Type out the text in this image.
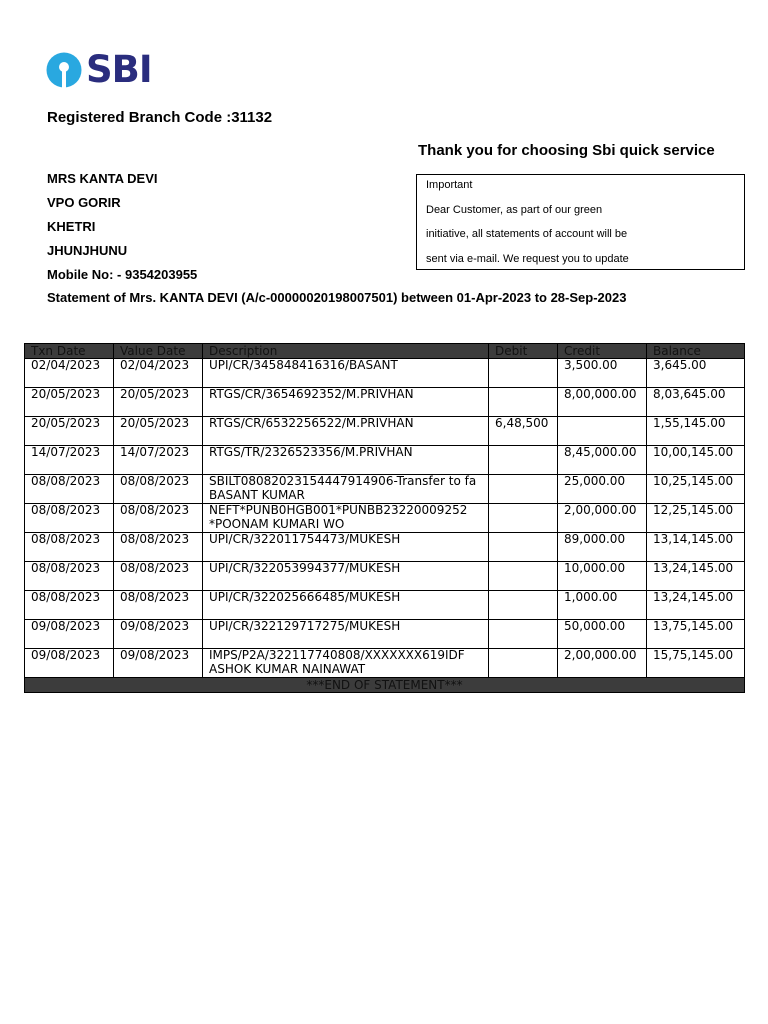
SBI
Registered Branch Code :31132
Thank you for choosing Sbi quick service
MRS KANTA DEVI
VPO GORIR
KHETRI
JHUNJHUNU
Mobile No: - 9354203955
Important
Dear Customer, as part of our green
initiative, all statements of account will be
sent via e-mail. We request you to update
Statement of Mrs. KANTA DEVI (A/c-00000020198007501) between 01-Apr-2023 to 28-Sep-2023
Txn Date	Value Date	Description	Debit	Credit	Balance
02/04/2023	02/04/2023	UPI/CR/345848416316/BASANT		3,500.00	3,645.00
20/05/2023	20/05/2023	RTGS/CR/3654692352/M.PRIVHAN		8,00,000.00	8,03,645.00
20/05/2023	20/05/2023	RTGS/CR/6532256522/M.PRIVHAN	6,48,500		1,55,145.00
14/07/2023	14/07/2023	RTGS/TR/2326523356/M.PRIVHAN		8,45,000.00	10,00,145.00
08/08/2023	08/08/2023	SBILT08082023154447914906-Transfer to fa BASANT KUMAR		25,000.00	10,25,145.00
08/08/2023	08/08/2023	NEFT*PUNB0HGB001*PUNBB23220009252 *POONAM KUMARI WO		2,00,000.00	12,25,145.00
08/08/2023	08/08/2023	UPI/CR/322011754473/MUKESH		89,000.00	13,14,145.00
08/08/2023	08/08/2023	UPI/CR/322053994377/MUKESH		10,000.00	13,24,145.00
08/08/2023	08/08/2023	UPI/CR/322025666485/MUKESH		1,000.00	13,24,145.00
09/08/2023	09/08/2023	UPI/CR/322129717275/MUKESH		50,000.00	13,75,145.00
09/08/2023	09/08/2023	IMPS/P2A/322117740808/XXXXXXX619IDF ASHOK KUMAR NAINAWAT		2,00,000.00	15,75,145.00
***END OF STATEMENT***					
